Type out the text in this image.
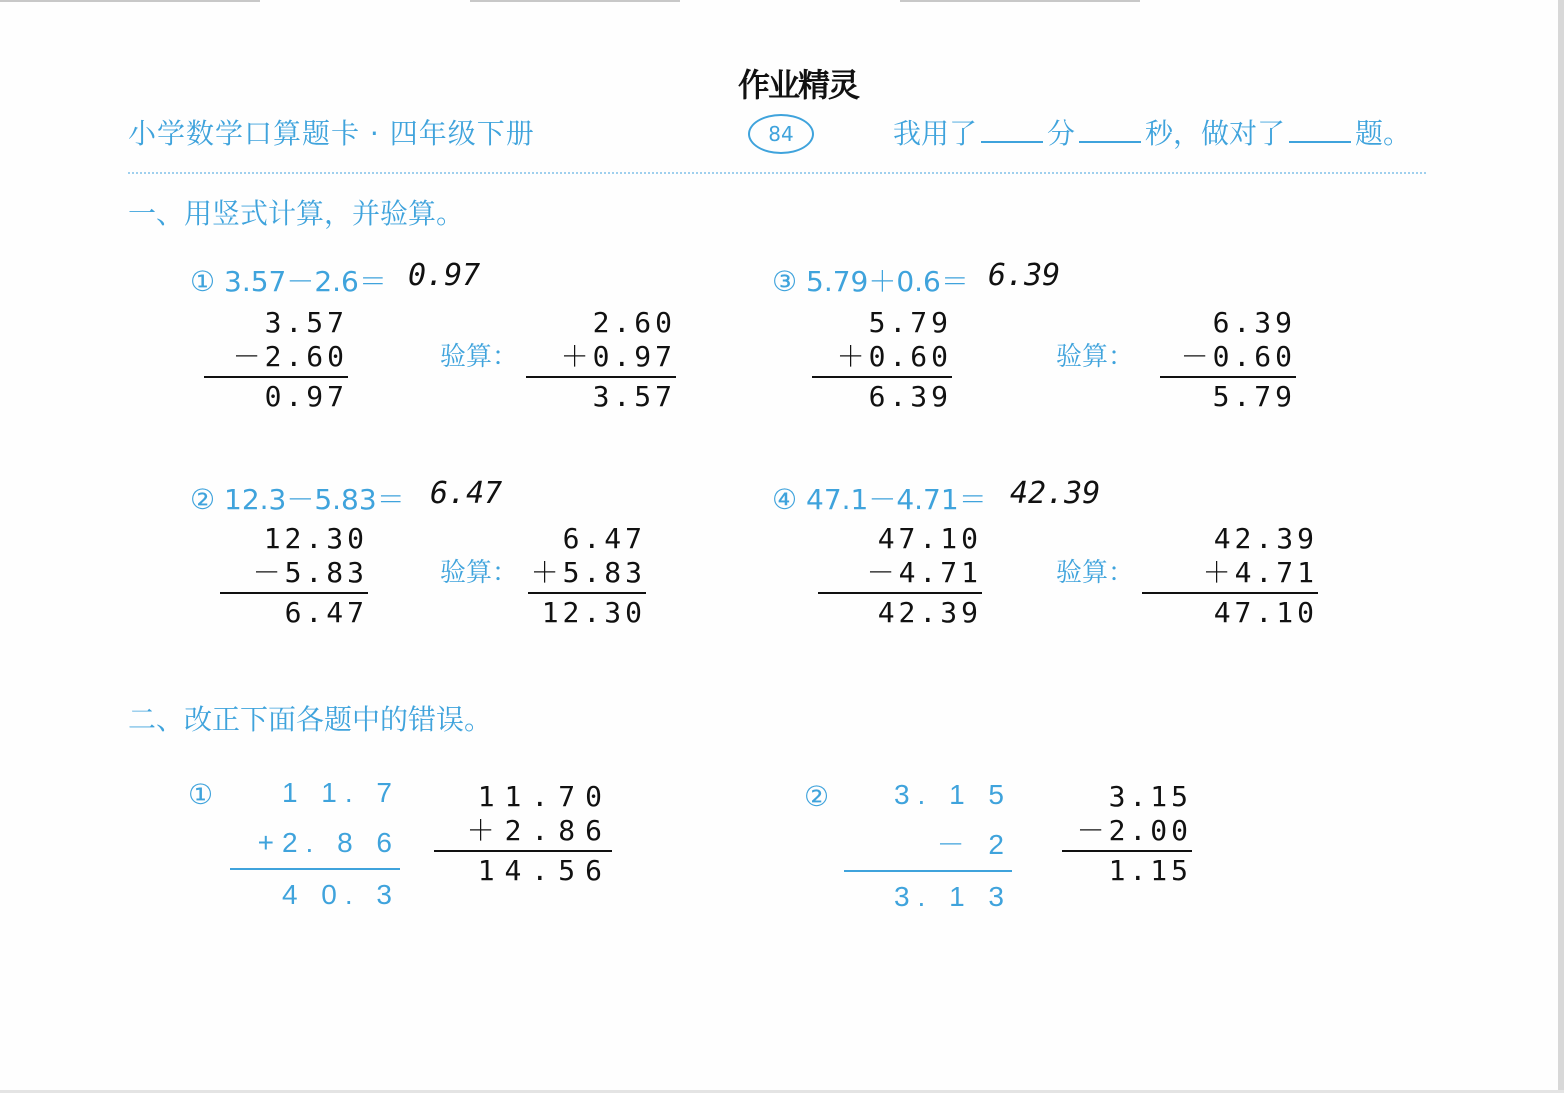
小学数学口算题卡 · 四年级下册
作业精灵
84	我用了	分	秒，做对了	题。
一、用竖式计算，并验算。
① 3.57－2.6＝ 0.97
3.57
－2.60
0.97
验算：
2.60
＋0.97
3.57
③ 5.79＋0.6＝ 6.39
5.79
＋0.60
6.39
验算：
6.39
－0.60
5.79
② 12.3－5.83＝ 6.47
12.30
－5.83
6.47
验算：
6.47
＋5.83
12.30
④ 47.1－4.71＝ 42.39
47.10
－4.71
42.39
验算：
42.39
＋4.71
47.10
二、改正下面各题中的错误。
①	1 1. 7
+2. 8 6
4 0. 3
11.70
＋2.86
14.56
②	3. 1 5
－ 2
3. 1 3
3.15
－2.00
1.15
